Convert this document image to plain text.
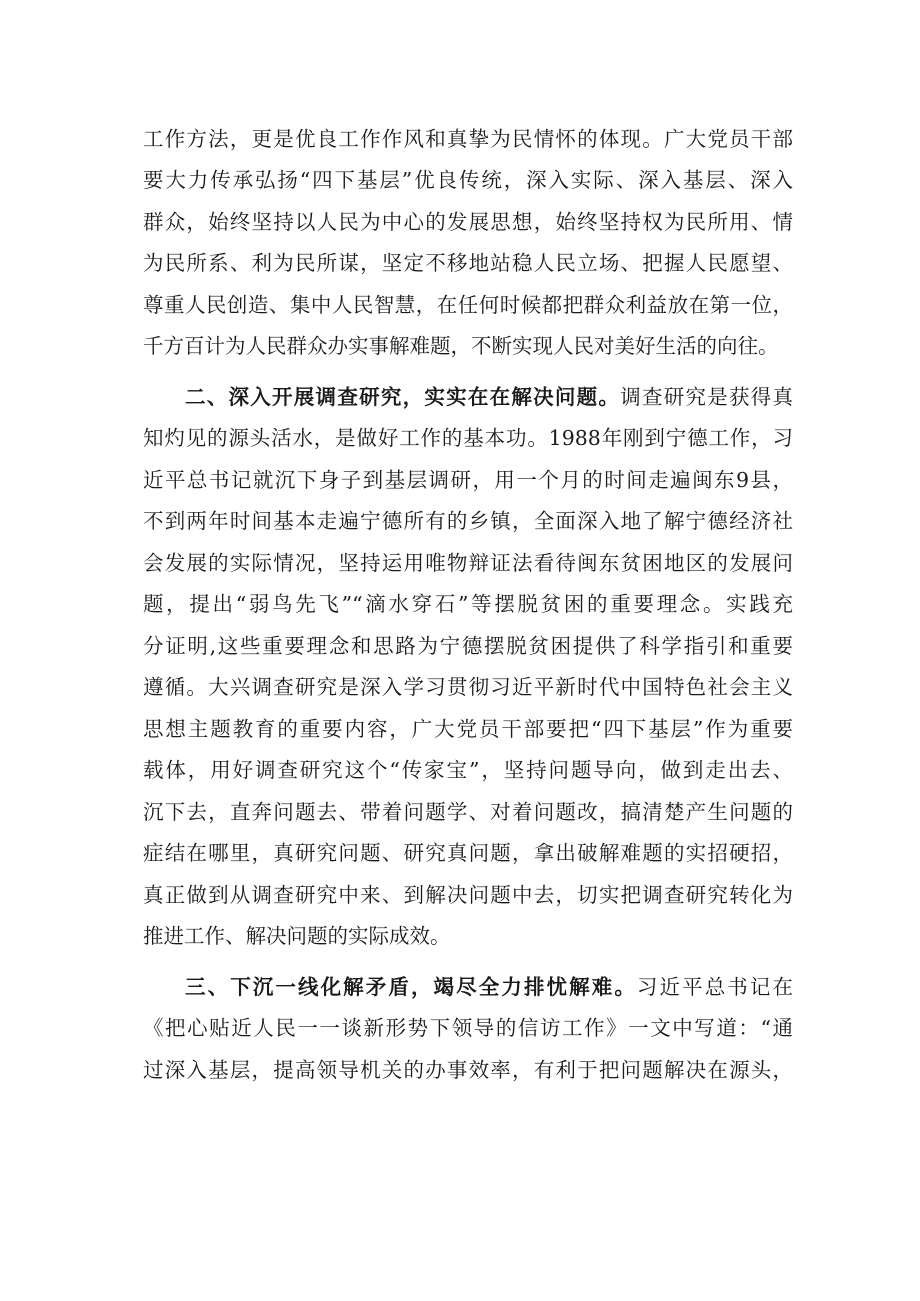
工作方法，更是优良工作作风和真挚为民情怀的体现。广大党员干部
要大力传承弘扬“四下基层”优良传统，深入实际、深入基层、深入
群众，始终坚持以人民为中心的发展思想，始终坚持权为民所用、情
为民所系、利为民所谋，坚定不移地站稳人民立场、把握人民愿望、
尊重人民创造、集中人民智慧，在任何时候都把群众利益放在第一位，
千方百计为人民群众办实事解难题，不断实现人民对美好生活的向往。
二、深入开展调查研究，实实在在解决问题。调查研究是获得真
知灼见的源头活水，是做好工作的基本功。1988年刚到宁德工作，习
近平总书记就沉下身子到基层调研，用一个月的时间走遍闽东9县，
不到两年时间基本走遍宁德所有的乡镇，全面深入地了解宁德经济社
会发展的实际情况，坚持运用唯物辩证法看待闽东贫困地区的发展问
题，提出“弱鸟先飞”“滴水穿石”等摆脱贫困的重要理念。实践充
分证明,这些重要理念和思路为宁德摆脱贫困提供了科学指引和重要
遵循。大兴调查研究是深入学习贯彻习近平新时代中国特色社会主义
思想主题教育的重要内容，广大党员干部要把“四下基层”作为重要
载体，用好调查研究这个“传家宝”，坚持问题导向，做到走出去、
沉下去，直奔问题去、带着问题学、对着问题改，搞清楚产生问题的
症结在哪里，真研究问题、研究真问题，拿出破解难题的实招硬招，
真正做到从调查研究中来、到解决问题中去，切实把调查研究转化为
推进工作、解决问题的实际成效。
三、下沉一线化解矛盾，竭尽全力排忧解难。习近平总书记在
《把心贴近人民一一谈新形势下领导的信访工作》一文中写道：“通
过深入基层，提高领导机关的办事效率，有利于把问题解决在源头，
